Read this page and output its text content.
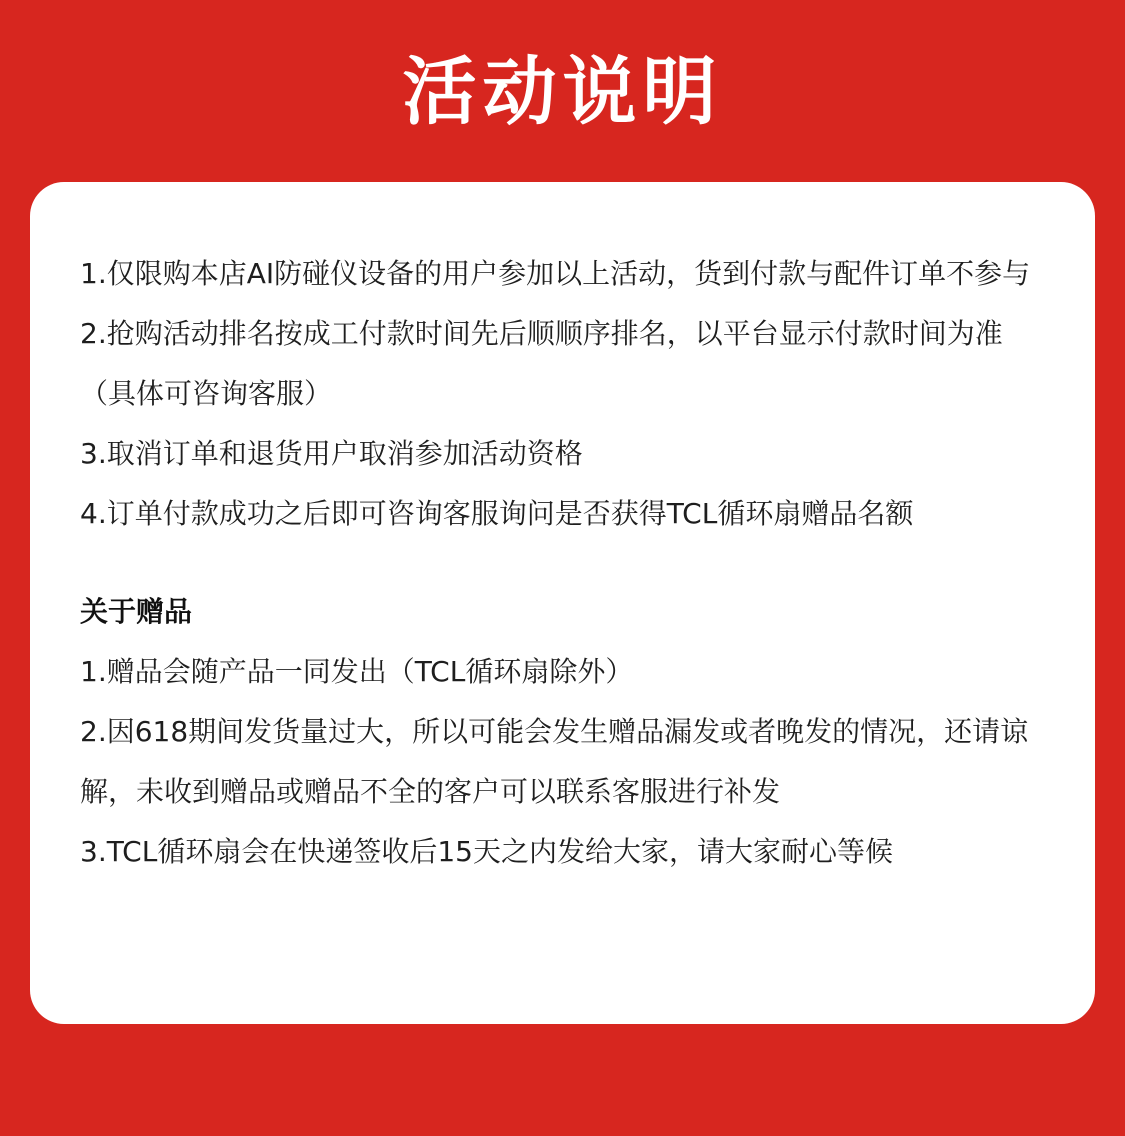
活动说明
1.仅限购本店AI防碰仪设备的用户参加以上活动，货到付款与配件订单不参与
2.抢购活动排名按成工付款时间先后顺顺序排名，以平台显示付款时间为准（具体可咨询客服）
3.取消订单和退货用户取消参加活动资格
4.订单付款成功之后即可咨询客服询问是否获得TCL循环扇赠品名额
关于赠品
1.赠品会随产品一同发出（TCL循环扇除外）
2.因618期间发货量过大，所以可能会发生赠品漏发或者晚发的情况，还请谅解，未收到赠品或赠品不全的客户可以联系客服进行补发
3.TCL循环扇会在快递签收后15天之内发给大家，请大家耐心等候
